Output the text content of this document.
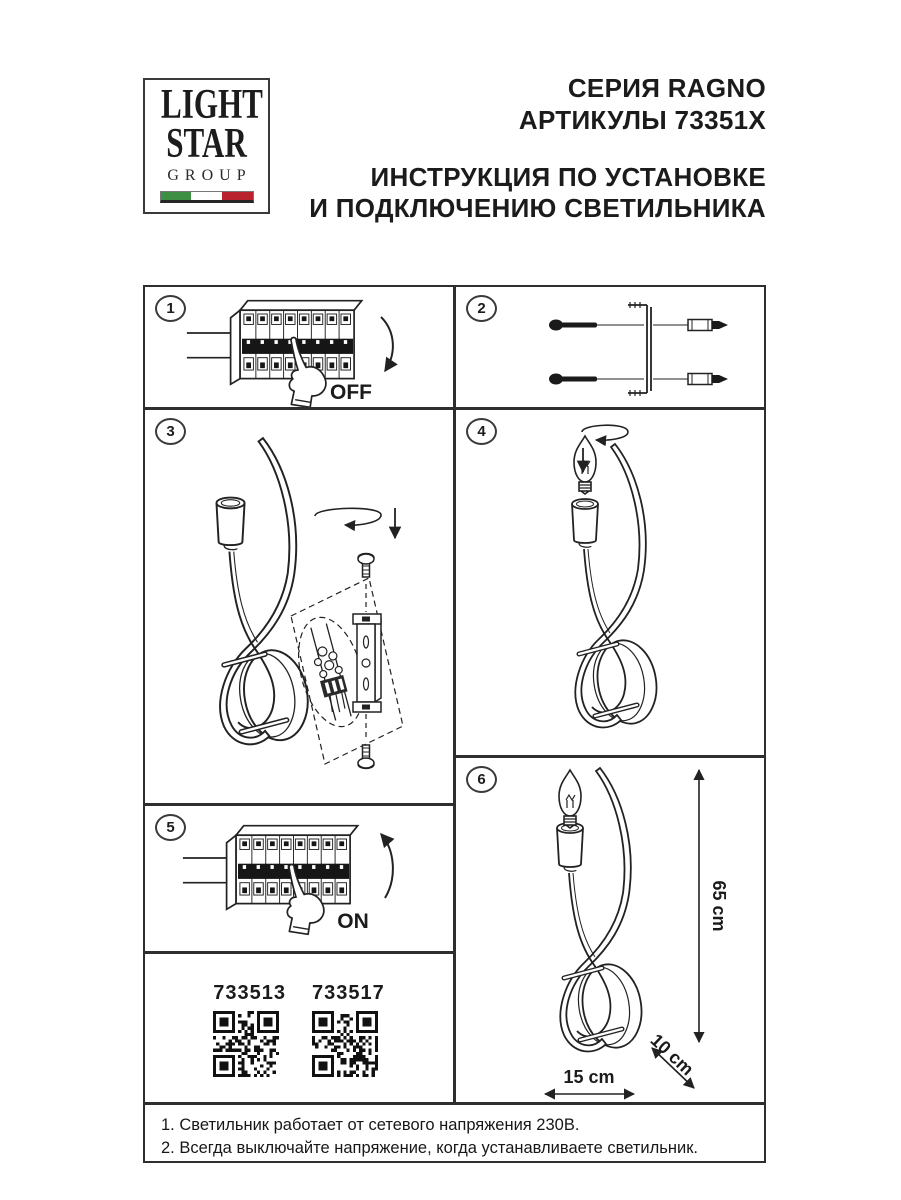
LIGHT
STAR
GROUP
СЕРИЯ RAGNO
АРТИКУЛЫ 73351X
ИНСТРУКЦИЯ ПО УСТАНОВКЕ
И ПОДКЛЮЧЕНИЮ СВЕТИЛЬНИКА
1
OFF
2
3	4
5
ON
733513 733517
6
65 cm
15 cm 10 cm
1. Светильник работает от сетевого напряжения 230В.
2. Всегда выключайте напряжение, когда устанавливаете светильник.
